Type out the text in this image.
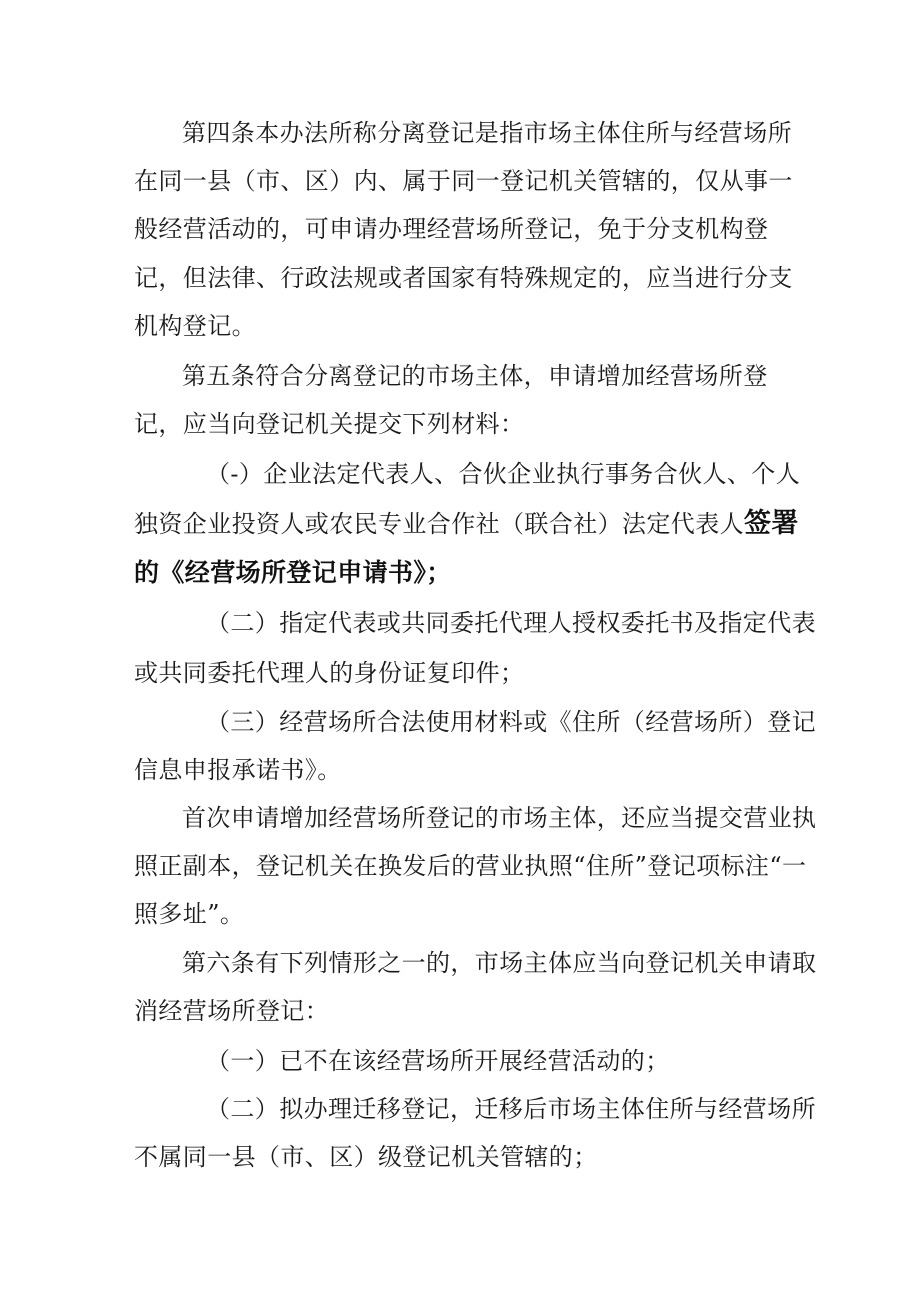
第四条本办法所称分离登记是指市场主体住所与经营场所

在同一县（市、区）内、属于同一登记机关管辖的，仅从事一

般经营活动的，可申请办理经营场所登记，免于分支机构登

记，但法律、行政法规或者国家有特殊规定的，应当进行分支

机构登记。

第五条符合分离登记的市场主体，申请增加经营场所登

记，应当向登记机关提交下列材料：

（-）企业法定代表人、合伙企业执行事务合伙人、个人

独资企业投资人或农民专业合作社（联合社）法定代表人签署

的《经营场所登记申请书》；

（二）指定代表或共同委托代理人授权委托书及指定代表

或共同委托代理人的身份证复印件；

（三）经营场所合法使用材料或《住所（经营场所）登记

信息申报承诺书》。

首次申请增加经营场所登记的市场主体，还应当提交营业执

照正副本，登记机关在换发后的营业执照“住所”登记项标注“一

照多址”。

第六条有下列情形之一的，市场主体应当向登记机关申请取

消经营场所登记：

（一）已不在该经营场所开展经营活动的；

（二）拟办理迁移登记，迁移后市场主体住所与经营场所

不属同一县（市、区）级登记机关管辖的；
